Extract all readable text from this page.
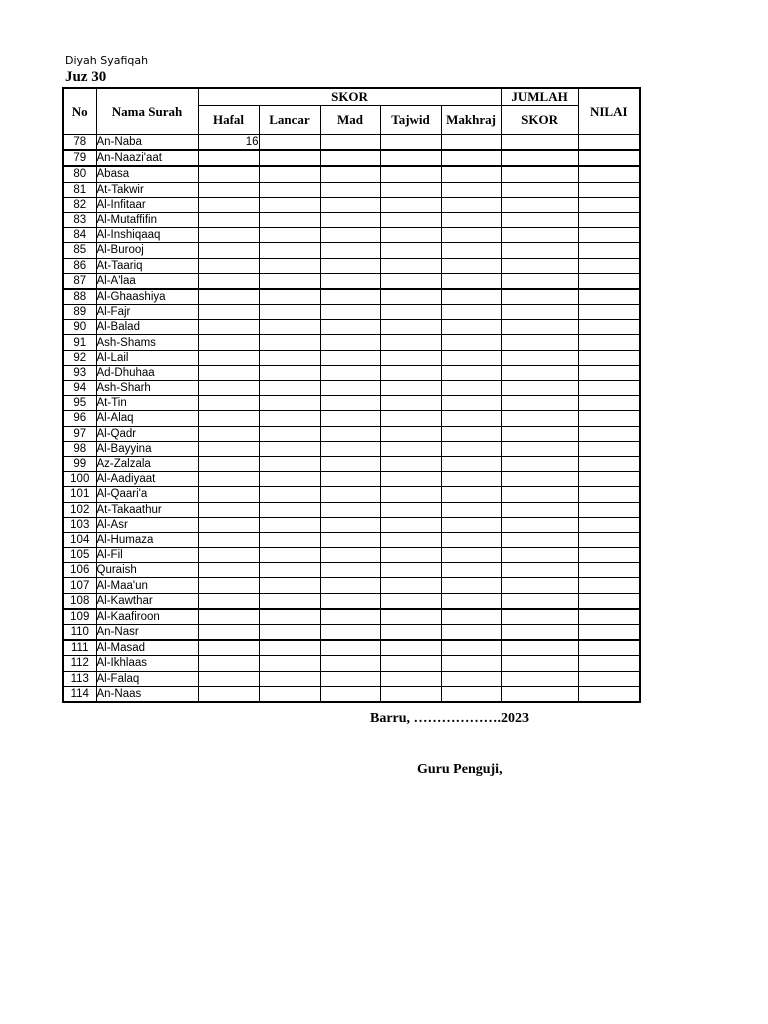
Diyah Syafiqah
Juz 30
No	Nama Surah	SKOR					JUMLAH	NILAI
		Hafal	Lancar	Mad	Tajwid	Makhraj	SKOR	
78	An-Naba	16						
79	An-Naazi'aat							
80	Abasa							
81	At-Takwir							
82	Al-Infitaar							
83	Al-Mutaffifin							
84	Al-Inshiqaaq							
85	Al-Burooj							
86	At-Taariq							
87	Al-A'laa							
88	Al-Ghaashiya							
89	Al-Fajr							
90	Al-Balad							
91	Ash-Shams							
92	Al-Lail							
93	Ad-Dhuhaa							
94	Ash-Sharh							
95	At-Tin							
96	Al-Alaq							
97	Al-Qadr							
98	Al-Bayyina							
99	Az-Zalzala							
100	Al-Aadiyaat							
101	Al-Qaari'a							
102	At-Takaathur							
103	Al-Asr							
104	Al-Humaza							
105	Al-Fil							
106	Quraish							
107	Al-Maa'un							
108	Al-Kawthar							
109	Al-Kaafiroon							
110	An-Nasr							
111	Al-Masad							
112	Al-Ikhlaas							
113	Al-Falaq							
114	An-Naas							
Barru, ……………….2023
Guru Penguji,
